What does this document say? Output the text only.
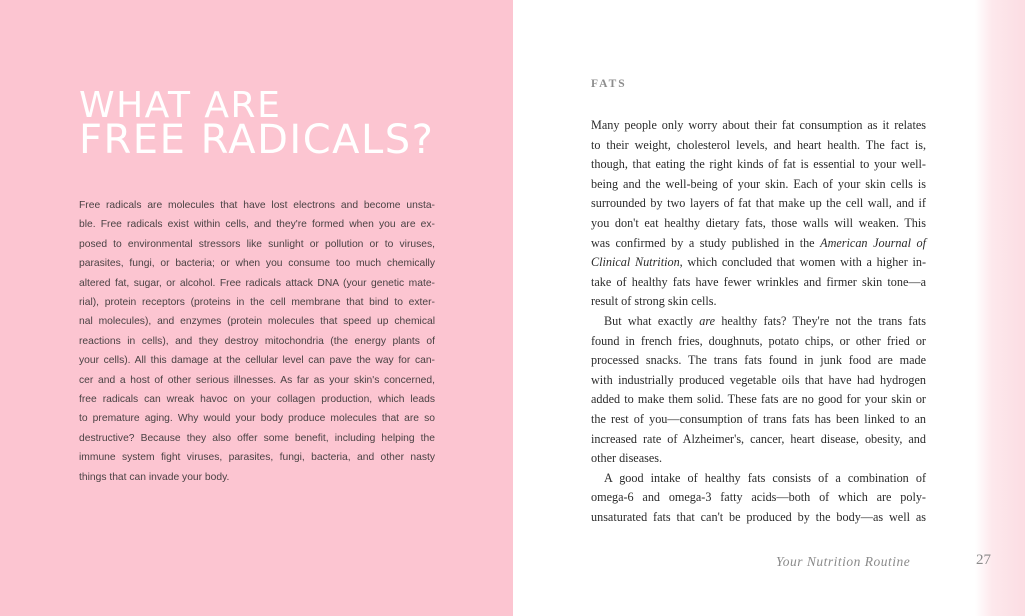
WHAT ARE
FREE RADICALS?

Free radicals are molecules that have lost electrons and become unsta-
ble. Free radicals exist within cells, and they're formed when you are ex-
posed to environmental stressors like sunlight or pollution or to viruses,
parasites, fungi, or bacteria; or when you consume too much chemically
altered fat, sugar, or alcohol. Free radicals attack DNA (your genetic mate-
rial), protein receptors (proteins in the cell membrane that bind to exter-
nal molecules), and enzymes (protein molecules that speed up chemical
reactions in cells), and they destroy mitochondria (the energy plants of
your cells). All this damage at the cellular level can pave the way for can-
cer and a host of other serious illnesses. As far as your skin's concerned,
free radicals can wreak havoc on your collagen production, which leads
to premature aging. Why would your body produce molecules that are so
destructive? Because they also offer some benefit, including helping the
immune system fight viruses, parasites, fungi, bacteria, and other nasty
things that can invade your body.

FATS
Many people only worry about their fat consumption as it relates
to their weight, cholesterol levels, and heart health. The fact is,
though, that eating the right kinds of fat is essential to your well-
being and the well-being of your skin. Each of your skin cells is
surrounded by two layers of fat that make up the cell wall, and if
you don't eat healthy dietary fats, those walls will weaken. This
was confirmed by a study published in the American Journal of
Clinical Nutrition, which concluded that women with a higher in-
take of healthy fats have fewer wrinkles and firmer skin tone—a
result of strong skin cells.
But what exactly are healthy fats? They're not the trans fats
found in french fries, doughnuts, potato chips, or other fried or
processed snacks. The trans fats found in junk food are made
with industrially produced vegetable oils that have had hydrogen
added to make them solid. These fats are no good for your skin or
the rest of you—consumption of trans fats has been linked to an
increased rate of Alzheimer's, cancer, heart disease, obesity, and
other diseases.
A good intake of healthy fats consists of a combination of
omega-6 and omega-3 fatty acids—both of which are poly-
unsaturated fats that can't be produced by the body—as well as
Your Nutrition Routine	27
